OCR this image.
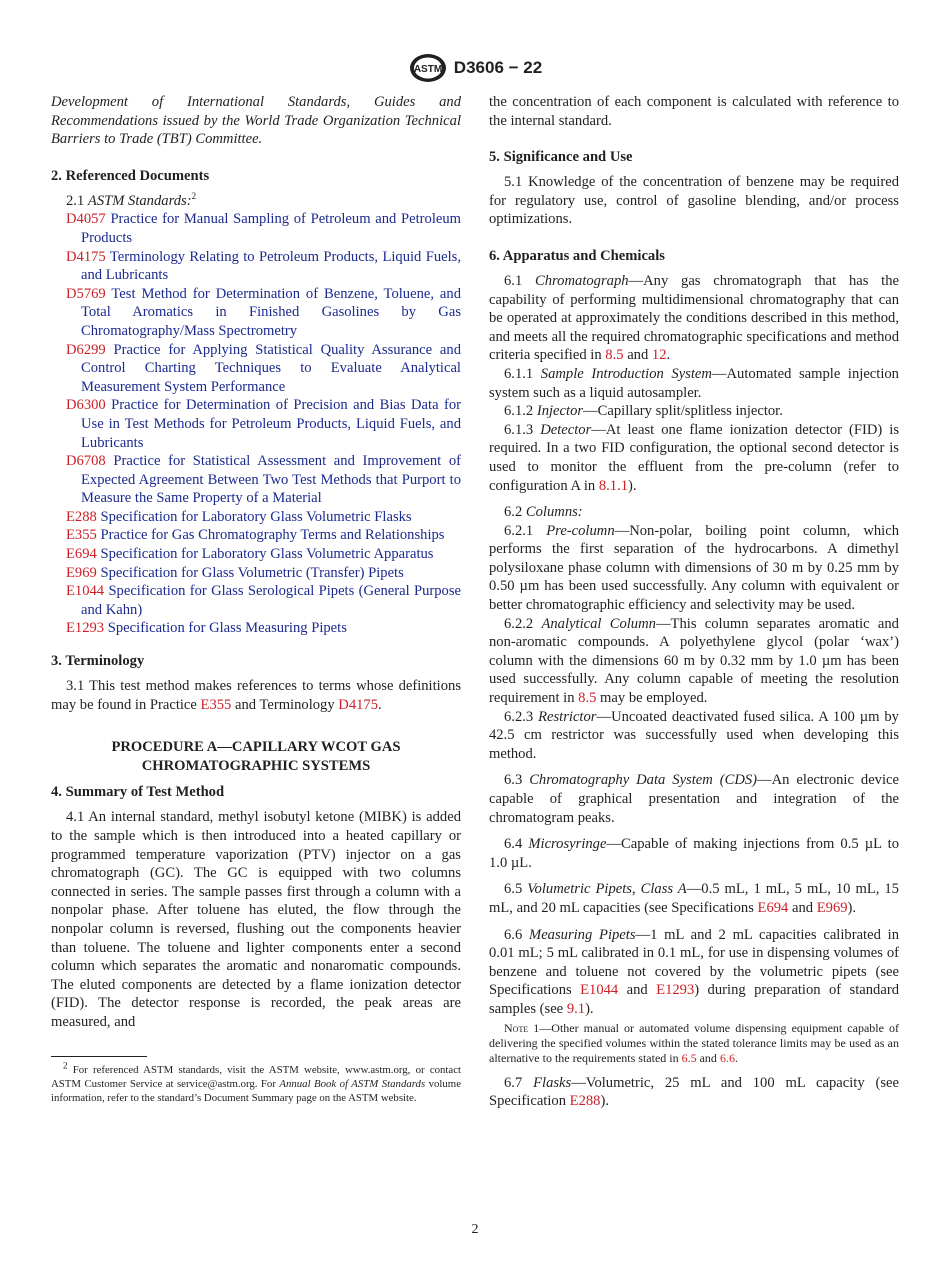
ASTM D3606 − 22

Development of International Standards, Guides and Recommendations issued by the World Trade Organization Technical Barriers to Trade (TBT) Committee.

2. Referenced Documents

2.1 ASTM Standards:$^2$

D4057 Practice for Manual Sampling of Petroleum and Petroleum Products
D4175 Terminology Relating to Petroleum Products, Liquid Fuels, and Lubricants
D5769 Test Method for Determination of Benzene, Toluene, and Total Aromatics in Finished Gasolines by Gas Chromatography/Mass Spectrometry
D6299 Practice for Applying Statistical Quality Assurance and Control Charting Techniques to Evaluate Analytical Measurement System Performance
D6300 Practice for Determination of Precision and Bias Data for Use in Test Methods for Petroleum Products, Liquid Fuels, and Lubricants
D6708 Practice for Statistical Assessment and Improvement of Expected Agreement Between Two Test Methods that Purport to Measure the Same Property of a Material
E288 Specification for Laboratory Glass Volumetric Flasks
E355 Practice for Gas Chromatography Terms and Relationships
E694 Specification for Laboratory Glass Volumetric Apparatus
E969 Specification for Glass Volumetric (Transfer) Pipets
E1044 Specification for Glass Serological Pipets (General Purpose and Kahn)
E1293 Specification for Glass Measuring Pipets
3. Terminology

3.1 This test method makes references to terms whose definitions may be found in Practice E355 and Terminology D4175.

PROCEDURE A—CAPILLARY WCOT GAS
CHROMATOGRAPHIC SYSTEMS
4. Summary of Test Method

4.1 An internal standard, methyl isobutyl ketone (MIBK) is added to the sample which is then introduced into a heated capillary or programmed temperature vaporization (PTV) injector on a gas chromatograph (GC). The GC is equipped with two columns connected in series. The sample passes first through a column with a nonpolar phase. After toluene has eluted, the flow through the nonpolar column is reversed, flushing out the components heavier than toluene. The toluene and lighter components enter a second column which separates the aromatic and nonaromatic compounds. The eluted components are detected by a flame ionization detector (FID). The detector response is recorded, the peak areas are measured, and

$^2$ For referenced ASTM standards, visit the ASTM website, www.astm.org, or contact ASTM Customer Service at service@astm.org. For Annual Book of ASTM Standards volume information, refer to the standard’s Document Summary page on the ASTM website.

the concentration of each component is calculated with reference to the internal standard.

5. Significance and Use

5.1 Knowledge of the concentration of benzene may be required for regulatory use, control of gasoline blending, and/or process optimizations.

6. Apparatus and Chemicals

6.1 Chromatograph—Any gas chromatograph that has the capability of performing multidimensional chromatography that can be operated at approximately the conditions described in this method, and meets all the required chromatographic specifications and method criteria specified in 8.5 and 12.

6.1.1 Sample Introduction System—Automated sample injection system such as a liquid autosampler.

6.1.2 Injector—Capillary split/splitless injector.

6.1.3 Detector—At least one flame ionization detector (FID) is required. In a two FID configuration, the optional second detector is used to monitor the effluent from the pre-column (refer to configuration A in 8.1.1).

6.2 Columns:

6.2.1 Pre-column—Non-polar, boiling point column, which performs the first separation of the hydrocarbons. A dimethyl polysiloxane phase column with dimensions of 30 m by 0.25 mm by 0.50 µm has been used successfully. Any column with equivalent or better chromatographic efficiency and selectivity may be used.

6.2.2 Analytical Column—This column separates aromatic and non-aromatic compounds. A polyethylene glycol (polar ‘wax’) column with the dimensions 60 m by 0.32 mm by 1.0 µm has been used successfully. Any column capable of meeting the resolution requirement in 8.5 may be employed.

6.2.3 Restrictor—Uncoated deactivated fused silica. A 100 µm by 42.5 cm restrictor was successfully used when developing this method.

6.3 Chromatography Data System (CDS)—An electronic device capable of graphical presentation and integration of the chromatogram peaks.

6.4 Microsyringe—Capable of making injections from 0.5 µL to 1.0 µL.

6.5 Volumetric Pipets, Class A—0.5 mL, 1 mL, 5 mL, 10 mL, 15 mL, and 20 mL capacities (see Specifications E694 and E969).

6.6 Measuring Pipets—1 mL and 2 mL capacities calibrated in 0.01 mL; 5 mL calibrated in 0.1 mL, for use in dispensing volumes of benzene and toluene not covered by the volumetric pipets (see Specifications E1044 and E1293) during preparation of standard samples (see 9.1).

Note 1—Other manual or automated volume dispensing equipment capable of delivering the specified volumes within the stated tolerance limits may be used as an alternative to the requirements stated in 6.5 and 6.6.

6.7 Flasks—Volumetric, 25 mL and 100 mL capacity (see Specification E288).

2
